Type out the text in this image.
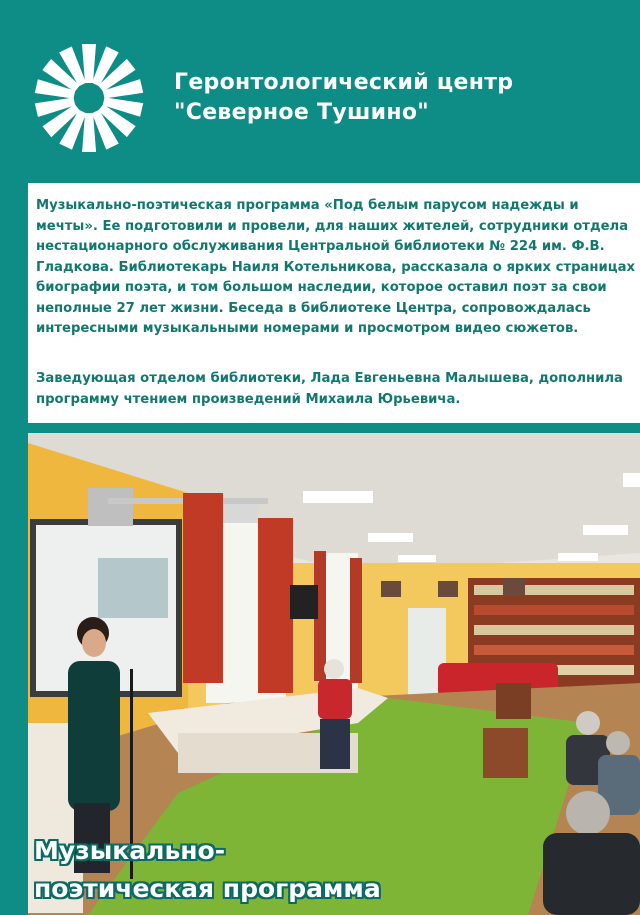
Геронтологический центр
"Северное Тушино"

Музыкально-поэтическая программа «Под белым парусом надежды и мечты». Ее подготовили и провели, для наших жителей, сотрудники отдела нестационарного обслуживания Центральной библиотеки № 224 им. Ф.В. Гладкова. Библиотекарь Наиля Котельникова, рассказала о ярких страницах биографии поэта, и том большом наследии, которое оставил поэт за свои неполные 27 лет жизни. Беседа в библиотеке Центра, сопровождалась интересными музыкальными номерами и просмотром видео сюжетов.

Заведующая отделом библиотеки, Лада Евгеньевна Малышева, дополнила программу чтением произведений Михаила Юрьевича.

Музыкально-
поэтическая программа
